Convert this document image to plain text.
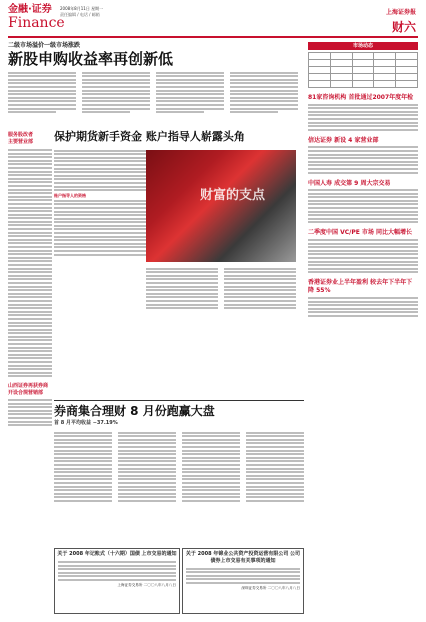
金融·证券
Finance
2008年8月11日 星期一
责任编辑 / 电话 / 邮箱	上海证券报
财六
二级市场溢价一级市场涨跌
新股申购收益率再创新低
服务股改者
主要营业部
山西证券再获券商 开设合规营销部
保护期货新手资金 账户指导人崭露头角
账户指导人的资格	财富的支点
券商集合理财 8 月份跑赢大盘
首 8 月平均收益 −37.19%
关于 2008 年记账式（十六期）国债 上市交易的通知
上海证券交易所 二〇〇八年八月八日
关于 2008 年锦业公共资产投资运营有限公司 公司债券上市交易有关事项的通知
深圳证券交易所 二〇〇八年八月八日
市场动态

81家咨询机构 首批通过2007年度年检
信达证券 新设 4 家营业部
中国人寿 成交第 9 周大宗交易
二季度中国 VC/PE 市场 同比大幅增长
香港证券业上半年盈利 较去年下半年下降 55%
